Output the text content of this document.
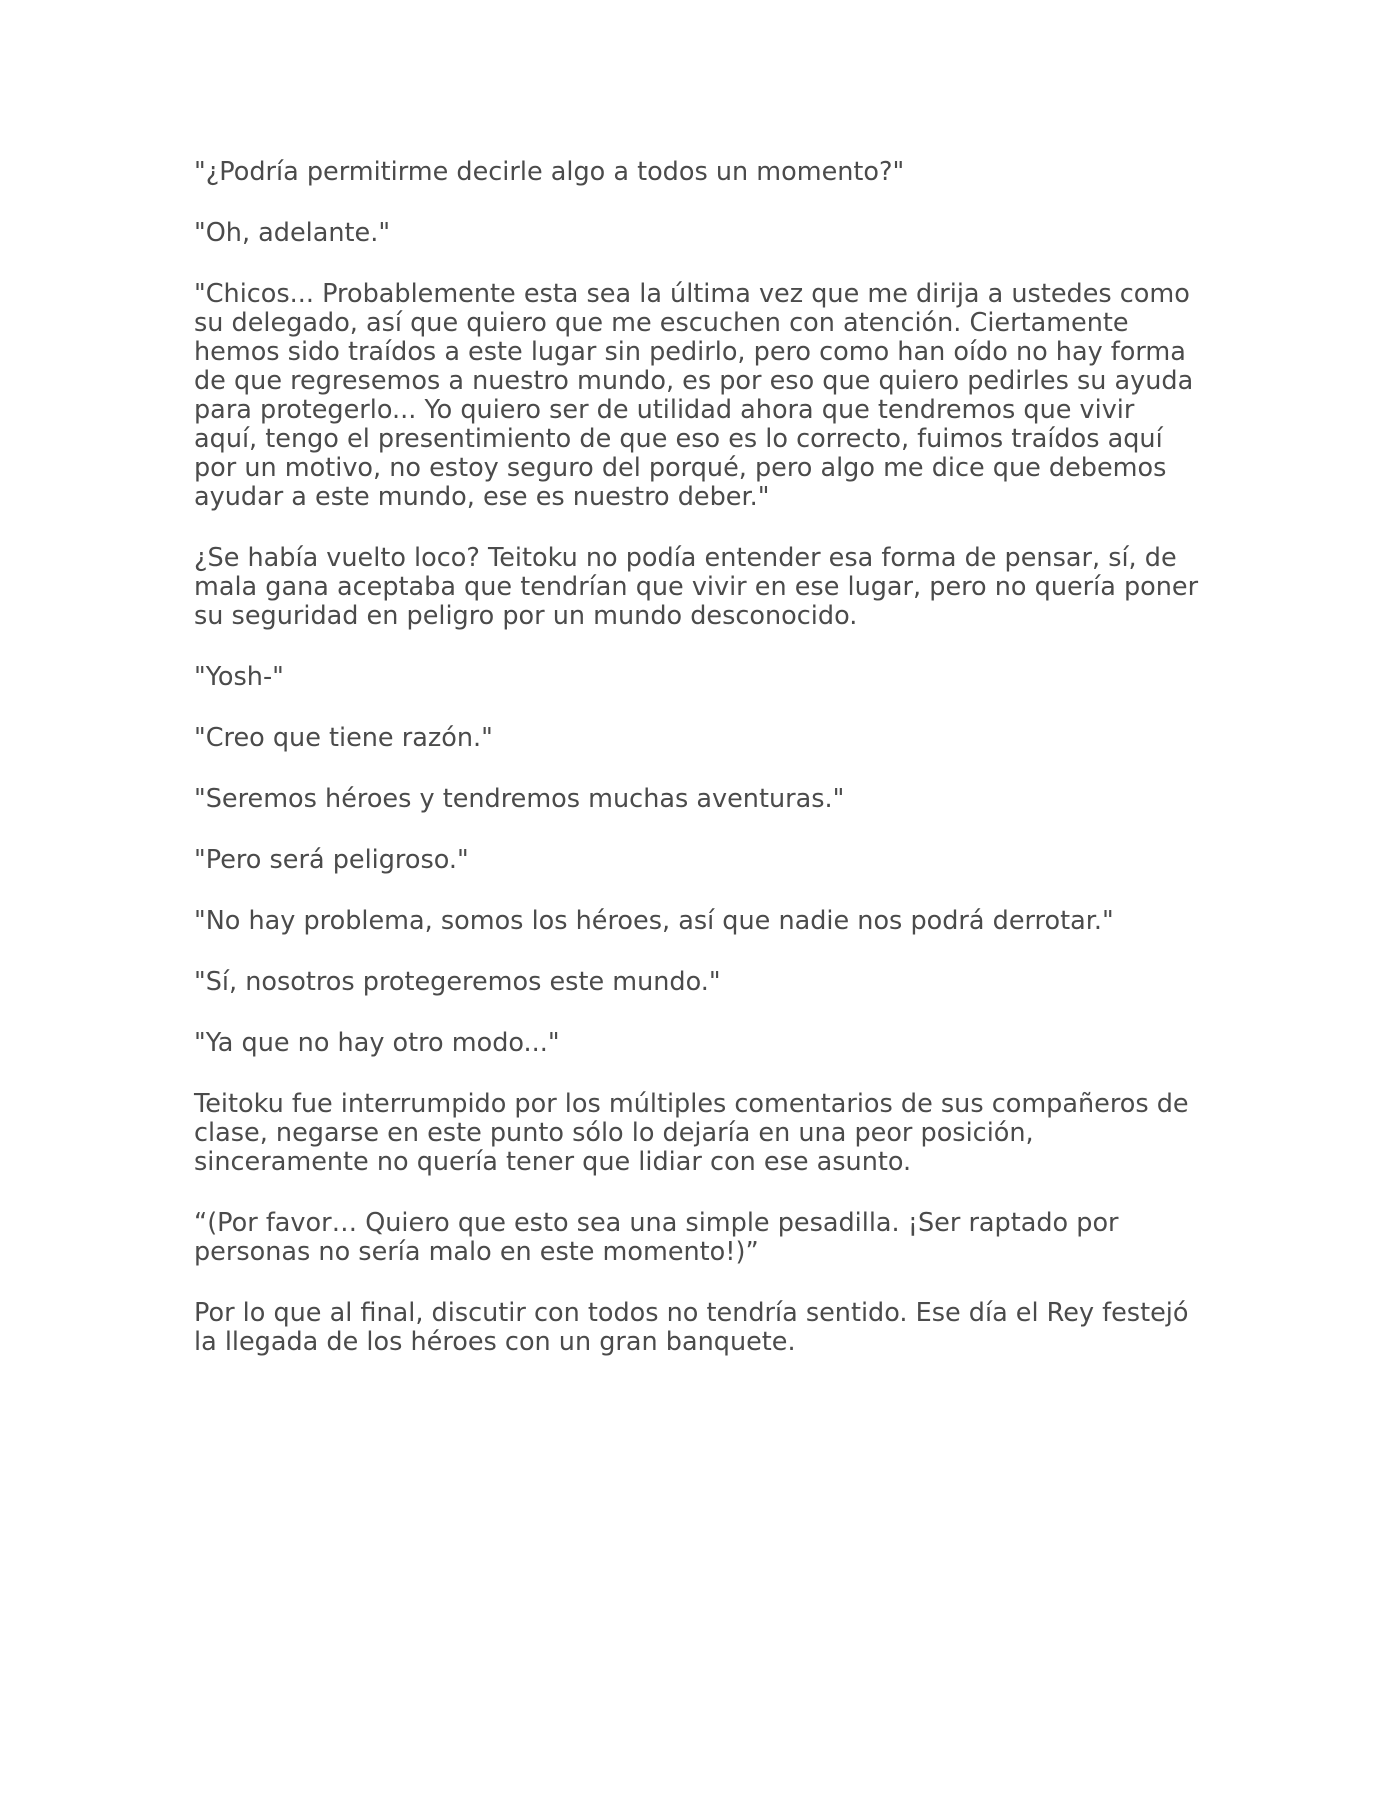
"¿Podría permitirme decirle algo a todos un momento?"

"Oh, adelante."

"Chicos... Probablemente esta sea la última vez que me dirija a ustedes como su delegado, así que quiero que me escuchen con atención. Ciertamente hemos sido traídos a este lugar sin pedirlo, pero como han oído no hay forma de que regresemos a nuestro mundo, es por eso que quiero pedirles su ayuda para protegerlo... Yo quiero ser de utilidad ahora que tendremos que vivir aquí, tengo el presentimiento de que eso es lo correcto, fuimos traídos aquí por un motivo, no estoy seguro del porqué, pero algo me dice que debemos ayudar a este mundo, ese es nuestro deber."

¿Se había vuelto loco? Teitoku no podía entender esa forma de pensar, sí, de mala gana aceptaba que tendrían que vivir en ese lugar, pero no quería poner su seguridad en peligro por un mundo desconocido.

"Yosh-"

"Creo que tiene razón."

"Seremos héroes y tendremos muchas aventuras."

"Pero será peligroso."

"No hay problema, somos los héroes, así que nadie nos podrá derrotar."

"Sí, nosotros protegeremos este mundo."

"Ya que no hay otro modo..."

Teitoku fue interrumpido por los múltiples comentarios de sus compañeros de clase, negarse en este punto sólo lo dejaría en una peor posición, sinceramente no quería tener que lidiar con ese asunto.

“(Por favor… Quiero que esto sea una simple pesadilla. ¡Ser raptado por personas no sería malo en este momento!)”

Por lo que al final, discutir con todos no tendría sentido. Ese día el Rey festejó la llegada de los héroes con un gran banquete.
